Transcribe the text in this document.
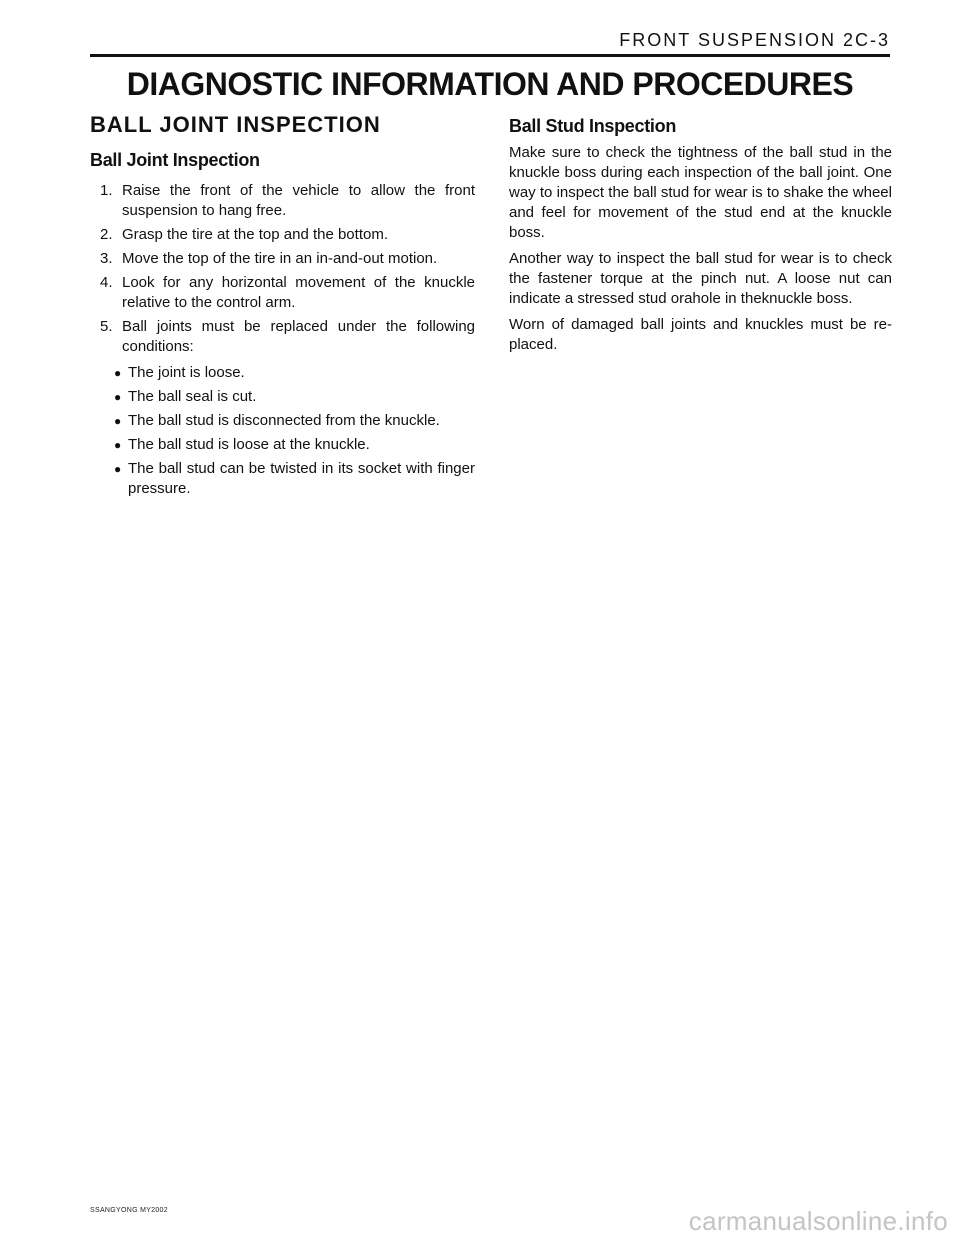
FRONT SUSPENSION 2C-3
DIAGNOSTIC INFORMATION AND PROCEDURES
BALL JOINT INSPECTION
Ball Joint Inspection
1. Raise the front of the vehicle to allow the front suspension to hang free.
2. Grasp the tire at the top and the bottom.
3. Move the top of the tire in an in-and-out motion.
4. Look for any horizontal movement of the knuckle relative to the control arm.
5. Ball joints must be replaced under the following conditions:
● The joint is loose.
● The ball seal is cut.
● The ball stud is disconnected from the knuckle.
● The ball stud is loose at the knuckle.
● The ball stud can be twisted in its socket with finger pressure.
Ball Stud Inspection

Make sure to check the tightness of the ball stud in the knuckle boss during each inspection of the ball joint. One way to inspect the ball stud for wear is to shake the wheel and feel for movement of the stud end at the knuckle boss.

Another way to inspect the ball stud for wear is to check the fastener torque at the pinch nut. A loose nut can indicate a stressed stud orahole in theknuckle boss.

Worn of damaged ball joints and knuckles must be re-placed.

SSANGYONG MY2002	carmanualsonline.info
